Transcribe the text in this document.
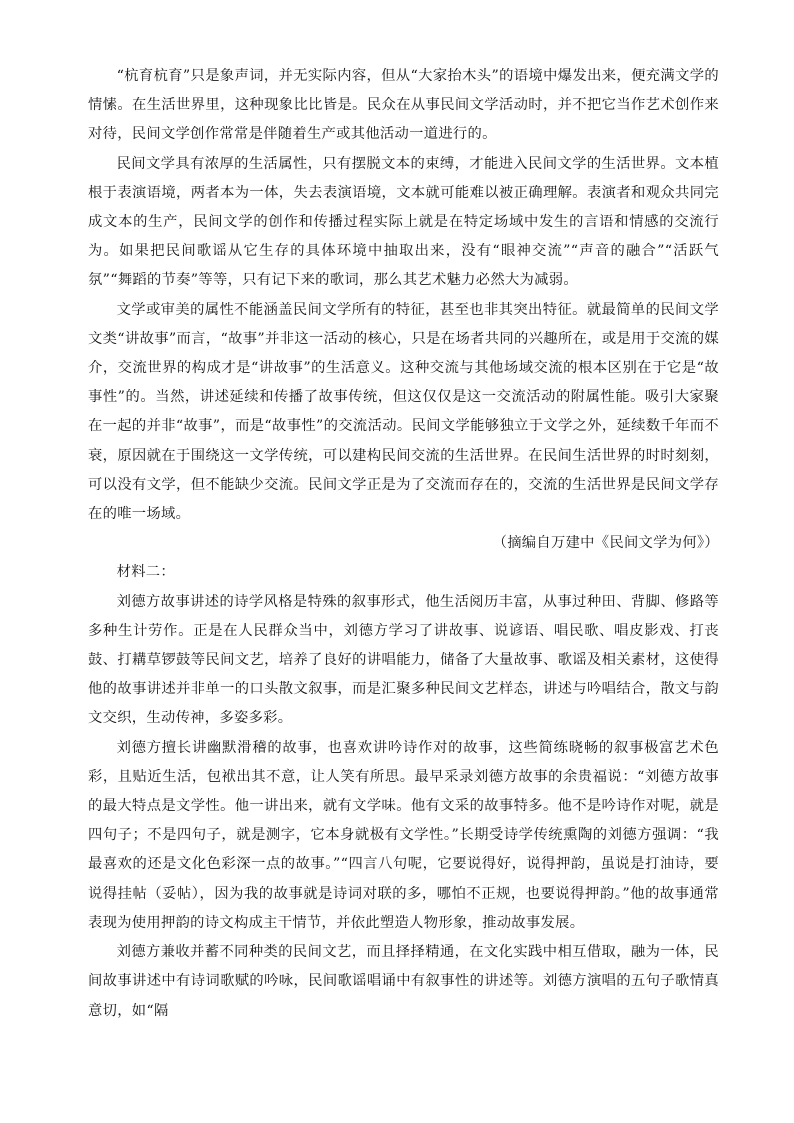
“杭育杭育”只是象声词，并无实际内容，但从“大家抬木头”的语境中爆发出来，便充满文学的情愫。在生活世界里，这种现象比比皆是。民众在从事民间文学活动时，并不把它当作艺术创作来对待，民间文学创作常常是伴随着生产或其他活动一道进行的。

民间文学具有浓厚的生活属性，只有摆脱文本的束缚，才能进入民间文学的生活世界。文本植根于表演语境，两者本为一体，失去表演语境，文本就可能难以被正确理解。表演者和观众共同完成文本的生产，民间文学的创作和传播过程实际上就是在特定场域中发生的言语和情感的交流行为。如果把民间歌谣从它生存的具体环境中抽取出来，没有“眼神交流”“声音的融合”“活跃气氛”“舞蹈的节奏”等等，只有记下来的歌词，那么其艺术魅力必然大为减弱。

文学或审美的属性不能涵盖民间文学所有的特征，甚至也非其突出特征。就最简单的民间文学文类“讲故事”而言，“故事”并非这一活动的核心，只是在场者共同的兴趣所在，或是用于交流的媒介，交流世界的构成才是“讲故事”的生活意义。这种交流与其他场域交流的根本区别在于它是“故事性”的。当然，讲述延续和传播了故事传统，但这仅仅是这一交流活动的附属性能。吸引大家聚在一起的并非“故事”，而是“故事性”的交流活动。民间文学能够独立于文学之外，延续数千年而不衰，原因就在于围绕这一文学传统，可以建构民间交流的生活世界。在民间生活世界的时时刻刻，可以没有文学，但不能缺少交流。民间文学正是为了交流而存在的，交流的生活世界是民间文学存在的唯一场域。

（摘编自万建中《民间文学为何》）

材料二：

刘德方故事讲述的诗学风格是特殊的叙事形式，他生活阅历丰富，从事过种田、背脚、修路等多种生计劳作。正是在人民群众当中，刘德方学习了讲故事、说谚语、唱民歌、唱皮影戏、打丧鼓、打耩草锣鼓等民间文艺，培养了良好的讲唱能力，储备了大量故事、歌谣及相关素材，这使得他的故事讲述并非单一的口头散文叙事，而是汇聚多种民间文艺样态，讲述与吟唱结合，散文与韵文交织，生动传神，多姿多彩。

刘德方擅长讲幽默滑稽的故事，也喜欢讲吟诗作对的故事，这些简练晓畅的叙事极富艺术色彩，且贴近生活，包袱出其不意，让人笑有所思。最早采录刘德方故事的余贵福说：“刘德方故事的最大特点是文学性。他一讲出来，就有文学味。他有文采的故事特多。他不是吟诗作对呢，就是四句子；不是四句子，就是测字，它本身就极有文学性。”长期受诗学传统熏陶的刘德方强调：“我最喜欢的还是文化色彩深一点的故事。”“四言八句呢，它要说得好，说得押韵，虽说是打油诗，要说得挂帖（妥帖），因为我的故事就是诗词对联的多，哪怕不正规，也要说得押韵。”他的故事通常表现为使用押韵的诗文构成主干情节，并依此塑造人物形象，推动故事发展。

刘德方兼收并蓄不同种类的民间文艺，而且择择精通，在文化实践中相互借取，融为一体，民间故事讲述中有诗词歌赋的吟咏，民间歌谣唱诵中有叙事性的讲述等。刘德方演唱的五句子歌情真意切，如“隔
